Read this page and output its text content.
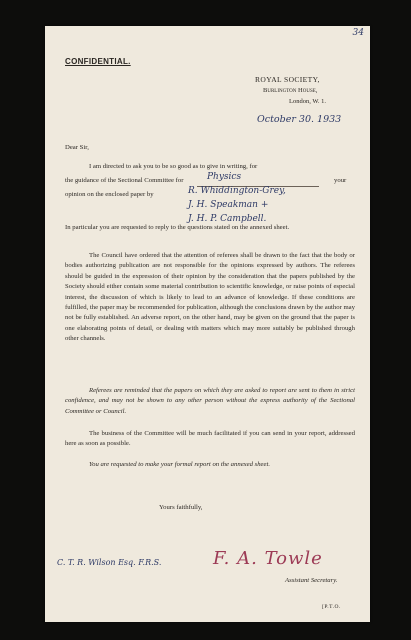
34
CONFIDENTIAL.
ROYAL SOCIETY,
Burlington House,
London, W. 1.
October 30. 1933
Dear Sir,
I am directed to ask you to be so good as to give in writing, for
the guidance of the Sectional Committee for	Physics	your
opinion on the enclosed paper by	R. Whiddington-Grey,
J. H. Speakman +
J. H. P. Campbell.
In particular you are requested to reply to the questions stated on the annexed sheet.
The Council have ordered that the attention of referees shall be drawn to the fact that the body or bodies authorizing publication are not responsible for the opinions expressed by authors. The referees should be guided in the expression of their opinion by the consideration that the papers published by the Society should either contain some material contribution to scientific knowledge, or raise points of especial interest, the discussion of which is likely to lead to an advance of knowledge. If these conditions are fulfilled, the paper may be recommended for publication, although the conclusions drawn by the author may not be fully established. An adverse report, on the other hand, may be given on the ground that the paper is one elaborating points of detail, or dealing with matters which may more suitably be published through other channels.
Referees are reminded that the papers on which they are asked to report are sent to them in strict confidence, and may not be shown to any other person without the express authority of the Sectional Committee or Council.
The business of the Committee will be much facilitated if you can send in your report, addressed here as soon as possible.
You are requested to make your formal report on the annexed sheet.
Yours faithfully,
F. A. Towle
C. T. R. Wilson Esq. F.R.S.
Assistant Secretary.
[P.T.O.
